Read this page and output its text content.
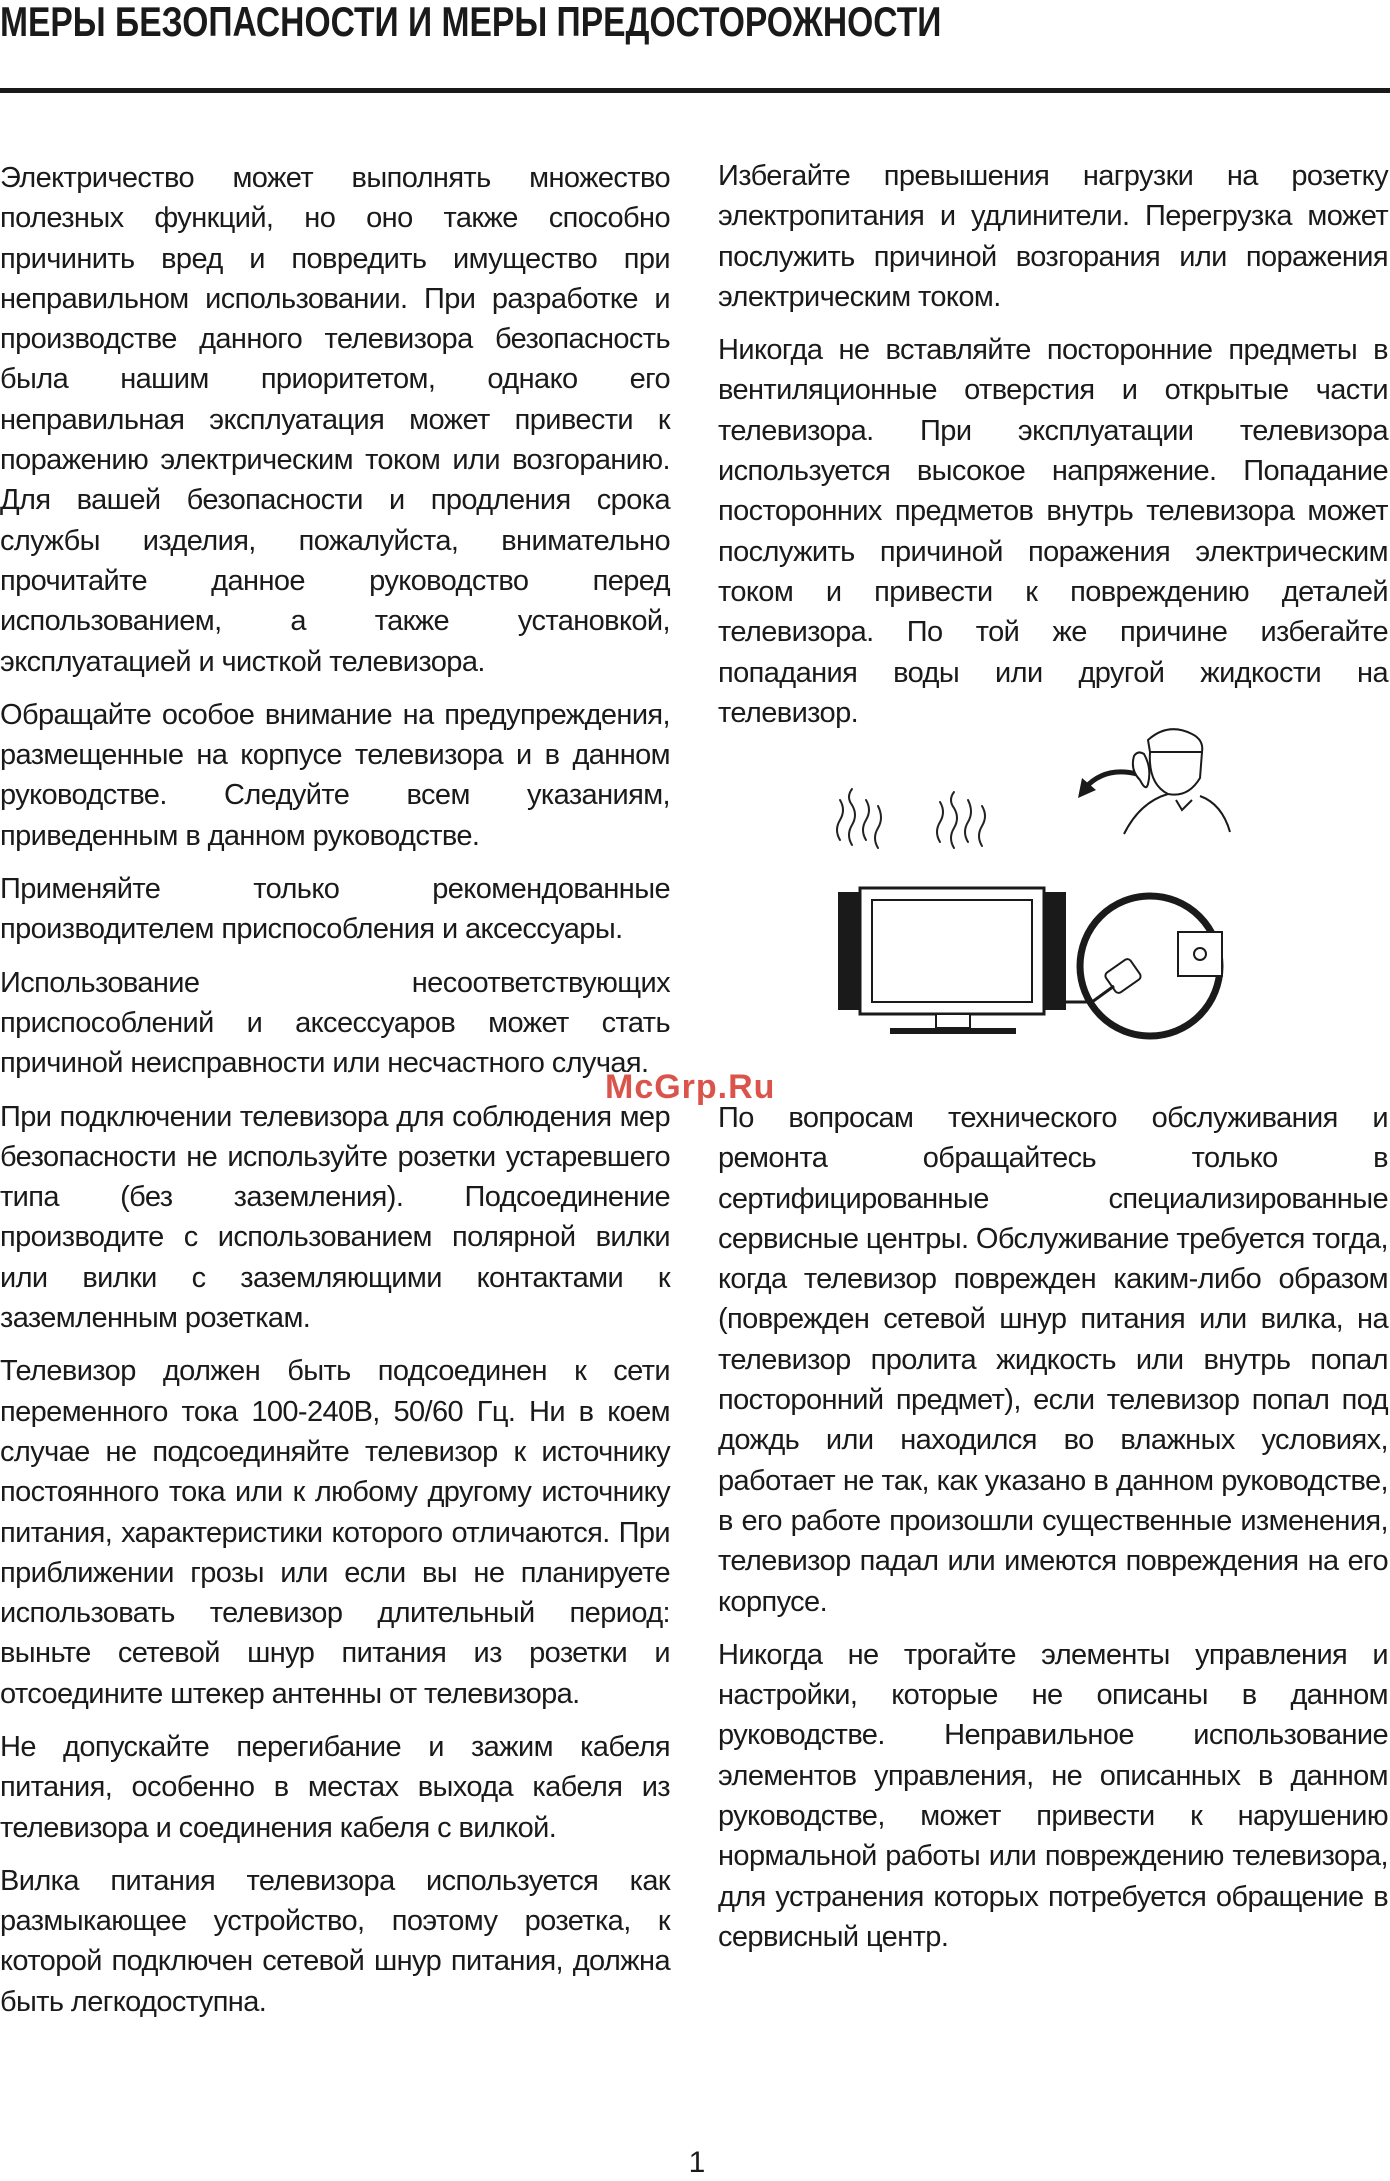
МЕРЫ БЕЗОПАСНОСТИ И МЕРЫ ПРЕДОСТОРОЖНОСТИ

Электричество может выполнять множество полезных функций, но оно также способно причинить вред и повредить имущество при неправильном использовании. При разработке и производстве данного телевизора безопасность была нашим приоритетом, однако его неправильная эксплуатация может привести к поражению электрическим током или возгоранию. Для вашей безопасности и продления срока службы изделия, пожалуйста, внимательно прочитайте данное руководство перед использованием, а также установкой, эксплуатацией и чисткой телевизора.

Обращайте особое внимание на предупреждения, размещенные на корпусе телевизора и в данном руководстве. Следуйте всем указаниям, приведенным в данном руководстве.

Применяйте только рекомендованные производителем приспособления и аксессуары.

Использование несоответствующих приспособлений и аксессуаров может стать причиной неисправности или несчастного случая.

При подключении телевизора для соблюдения мер безопасности не используйте розетки устаревшего типа (без заземления). Подсоединение производите с использованием полярной вилки или вилки с заземляющими контактами к заземленным розеткам.

Телевизор должен быть подсоединен к сети переменного тока 100-240В, 50/60 Гц. Ни в коем случае не подсоединяйте телевизор к источнику постоянного тока или к любому другому источнику питания, характеристики которого отличаются. При приближении грозы или если вы не планируете использовать телевизор длительный период: выньте сетевой шнур питания из розетки и отсоедините штекер антенны от телевизора.

Не допускайте перегибание и зажим кабеля питания, особенно в местах выхода кабеля из телевизора и соединения кабеля с вилкой.

Вилка питания телевизора используется как размыкающее устройство, поэтому розетка, к которой подключен сетевой шнур питания, должна быть легкодоступна.

Избегайте превышения нагрузки на розетку электропитания и удлинители. Перегрузка может послужить причиной возгорания или поражения электрическим током.

Никогда не вставляйте посторонние предметы в вентиляционные отверстия и открытые части телевизора. При эксплуатации телевизора используется высокое напряжение. Попадание посторонних предметов внутрь телевизора может послужить причиной поражения электрическим током и привести к повреждению деталей телевизора. По той же причине избегайте попадания воды или другой жидкости на телевизор.

McGrp.Ru

По вопросам технического обслуживания и ремонта обращайтесь только в сертифицированные специализированные сервисные центры. Обслуживание требуется тогда, когда телевизор поврежден каким-либо образом (поврежден сетевой шнур питания или вилка, на телевизор пролита жидкость или внутрь попал посторонний предмет), если телевизор попал под дождь или находился во влажных условиях, работает не так, как указано в данном руководстве, в его работе произошли существенные изменения, телевизор падал или имеются повреждения на его корпусе.

Никогда не трогайте элементы управления и настройки, которые не описаны в данном руководстве. Неправильное использование элементов управления, не описанных в данном руководстве, может привести к нарушению нормальной работы или повреждению телевизора, для устранения которых потребуется обращение в сервисный центр.

1
